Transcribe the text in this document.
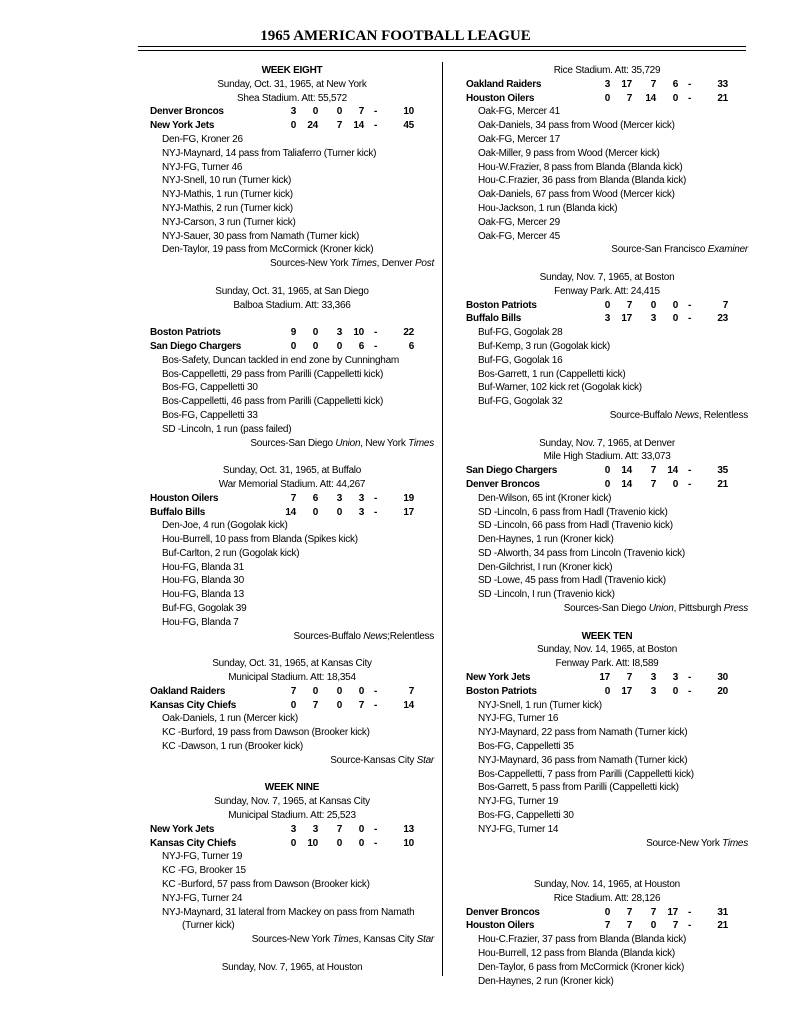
1965 AMERICAN FOOTBALL LEAGUE
WEEK EIGHT
Sunday, Oct. 31, 1965, at New York
Shea Stadium. Att: 55,572
Denver Broncos	3	0	0	7 -	10
New York Jets	0	24	7	14 -	45
Den-FG, Kroner 26
NYJ-Maynard, 14 pass from Taliaferro (Turner kick)
NYJ-FG, Turner 46
NYJ-Snell, 10 run (Turner kick)
NYJ-Mathis, 1 run (Turner kick)
NYJ-Mathis, 2 run (Turner kick)
NYJ-Carson, 3 run (Turner kick)
NYJ-Sauer, 30 pass from Namath (Turner kick)
Den-Taylor, 19 pass from McCormick (Kroner kick)
Sources-New York Times, Denver Post
Sunday, Oct. 31, 1965, at San Diego
Balboa Stadium. Att: 33,366
Boston Patriots	9	0	3	10 -	22
San Diego Chargers	0	0	0	6 -	6
Bos-Safety, Duncan tackled in end zone by Cunningham
Bos-Cappelletti, 29 pass from Parilli (Cappelletti kick)
Bos-FG, Cappelletti 30
Bos-Cappelletti, 46 pass from Parilli (Cappelletti kick)
Bos-FG, Cappelletti 33
SD -Lincoln, 1 run (pass failed)
Sources-San Diego Union, New York Times
Sunday, Oct. 31, 1965, at Buffalo
War Memorial Stadium. Att: 44,267
Houston Oilers	7	6	3	3 -	19
Buffalo Bills	14	0	0	3 -	17
Den-Joe, 4 run (Gogolak kick)
Hou-Burrell, 10 pass from Blanda (Spikes kick)
Buf-Carlton, 2 run (Gogolak kick)
Hou-FG, Blanda 31
Hou-FG, Blanda 30
Hou-FG, Blanda 13
Buf-FG, Gogolak 39
Hou-FG, Blanda 7
Sources-Buffalo News;Relentless
Sunday, Oct. 31, 1965, at Kansas City
Municipal Stadium. Att: 18,354
Oakland Raiders	7	0	0	0 -	7
Kansas City Chiefs	0	7	0	7 -	14
Oak-Daniels, 1 run (Mercer kick)
KC -Burford, 19 pass from Dawson (Brooker kick)
KC -Dawson, 1 run (Brooker kick)
Source-Kansas City Star
WEEK NINE
Sunday, Nov. 7, 1965, at Kansas City
Municipal Stadium. Att: 25,523
New York Jets	3	3	7	0 -	13
Kansas City Chiefs	0	10	0	0 -	10
NYJ-FG, Turner 19
KC -FG, Brooker 15
KC -Burford, 57 pass from Dawson (Brooker kick)
NYJ-FG, Turner 24
NYJ-Maynard, 31 lateral from Mackey on pass from Namath
(Turner kick)
Sources-New York Times, Kansas City Star
Sunday, Nov. 7, 1965, at Houston
Rice Stadium. Att: 35,729
Oakland Raiders	3	17	7	6 -	33
Houston Oilers	0	7	14	0 -	21
Oak-FG, Mercer 41
Oak-Daniels, 34 pass from Wood (Mercer kick)
Oak-FG, Mercer 17
Oak-Miller, 9 pass from Wood (Mercer kick)
Hou-W.Frazier, 8 pass from Blanda (Blanda kick)
Hou-C.Frazier, 36 pass from Blanda (Blanda kick)
Oak-Daniels, 67 pass from Wood (Mercer kick)
Hou-Jackson, 1 run (Blanda kick)
Oak-FG, Mercer 29
Oak-FG, Mercer 45
Source-San Francisco Examiner
Sunday, Nov. 7, 1965, at Boston
Fenway Park. Att: 24,415
Boston Patriots	0	7	0	0 -	7
Buffalo Bills	3	17	3	0 -	23
Buf-FG, Gogolak 28
Buf-Kemp, 3 run (Gogolak kick)
Buf-FG, Gogolak 16
Bos-Garrett, 1 run (Cappelletti kick)
Buf-Warner, 102 kick ret (Gogolak kick)
Buf-FG, Gogolak 32
Source-Buffalo News, Relentless
Sunday, Nov. 7, 1965, at Denver
Mile High Stadium. Att: 33,073
San Diego Chargers	0	14	7	14 -	35
Denver Broncos	0	14	7	0 -	21
Den-Wilson, 65 int (Kroner kick)
SD -Lincoln, 6 pass from Hadl (Travenio kick)
SD -Lincoln, 66 pass from Hadl (Travenio kick)
Den-Haynes, 1 run (Kroner kick)
SD -Alworth, 34 pass from Lincoln (Travenio kick)
Den-Gilchrist, I run (Kroner kick)
SD -Lowe, 45 pass from Hadl (Travenio kick)
SD -Lincoln, I run (Travenio kick)
Sources-San Diego Union, Pittsburgh Press
WEEK TEN
Sunday, Nov. 14, 1965, at Boston
Fenway Park. Att: I8,589
New York Jets	17	7	3	3 -	30
Boston Patriots	0	17	3	0 -	20
NYJ-Snell, 1 run (Turner kick)
NYJ-FG, Turner 16
NYJ-Maynard, 22 pass from Namath (Turner kick)
Bos-FG, Cappelletti 35
NYJ-Maynard, 36 pass from Namath (Turner kick)
Bos-Cappelletti, 7 pass from Parilli (Cappelletti kick)
Bos-Garrett, 5 pass from Parilli (Cappelletti kick)
NYJ-FG, Turner 19
Bos-FG, Cappelletti 30
NYJ-FG, Turner 14
Source-New York Times
Sunday, Nov. 14, 1965, at Houston
Rice Stadium. Att: 28,126
Denver Broncos	0	7	7	17 -	31
Houston Oilers	7	7	0	7 -	21
Hou-C.Frazier, 37 pass from Blanda (Blanda kick)
Hou-Burrell, 12 pass from Blanda (Blanda kick)
Den-Taylor, 6 pass from McCormick (Kroner kick)
Den-Haynes, 2 run (Kroner kick)
